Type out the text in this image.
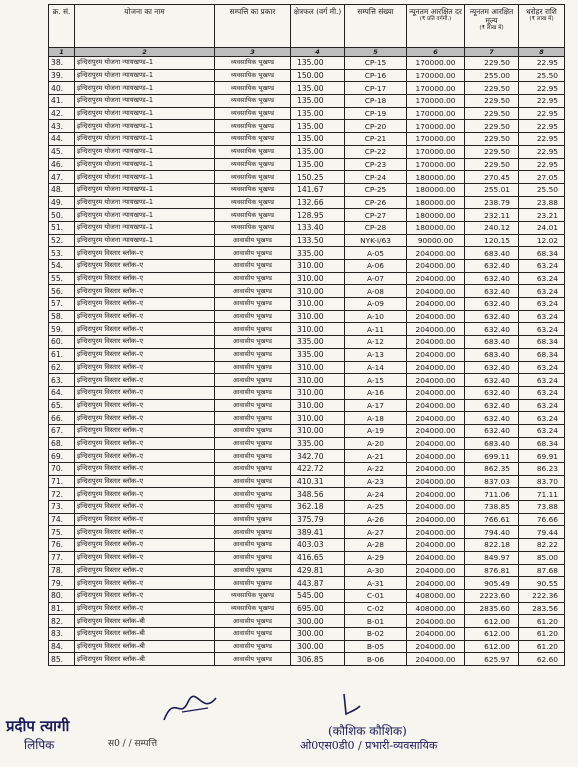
क्र. सं.	योजना का नाम	सम्पत्ति का प्रकार	क्षेत्रफल (वर्ग मी.)	सम्पत्ति संख्या	न्यूनतम आरक्षित दर
(₹ प्रति वर्गमी.)	न्यूनतम आरक्षित मूल्य
(₹ लाख में)	धरोहर राशि
(₹ लाख में)

1	2	3	4	5	6	7	8
38.	इन्दिरापुरम योजना न्यायखण्ड–1	व्यवसायिक भूखण्ड	135.00	CP-15	170000.00	229.50	22.95
39.	इन्दिरापुरम योजना न्यायखण्ड–1	व्यवसायिक भूखण्ड	150.00	CP-16	170000.00	255.00	25.50
40.	इन्दिरापुरम योजना न्यायखण्ड–1	व्यवसायिक भूखण्ड	135.00	CP-17	170000.00	229.50	22.95
41.	इन्दिरापुरम योजना न्यायखण्ड–1	व्यवसायिक भूखण्ड	135.00	CP-18	170000.00	229.50	22.95
42.	इन्दिरापुरम योजना न्यायखण्ड–1	व्यवसायिक भूखण्ड	135.00	CP-19	170000.00	229.50	22.95
43.	इन्दिरापुरम योजना न्यायखण्ड–1	व्यवसायिक भूखण्ड	135.00	CP-20	170000.00	229.50	22.95
44.	इन्दिरापुरम योजना न्यायखण्ड–1	व्यवसायिक भूखण्ड	135.00	CP-21	170000.00	229.50	22.95
45.	इन्दिरापुरम योजना न्यायखण्ड–1	व्यवसायिक भूखण्ड	135.00	CP-22	170000.00	229.50	22.95
46.	इन्दिरापुरम योजना न्यायखण्ड–1	व्यवसायिक भूखण्ड	135.00	CP-23	170000.00	229.50	22.95
47.	इन्दिरापुरम योजना न्यायखण्ड–1	व्यवसायिक भूखण्ड	150.25	CP-24	180000.00	270.45	27.05
48.	इन्दिरापुरम योजना न्यायखण्ड–1	व्यवसायिक भूखण्ड	141.67	CP-25	180000.00	255.01	25.50
49.	इन्दिरापुरम योजना न्यायखण्ड–1	व्यवसायिक भूखण्ड	132.66	CP-26	180000.00	238.79	23.88
50.	इन्दिरापुरम योजना न्यायखण्ड–1	व्यवसायिक भूखण्ड	128.95	CP-27	180000.00	232.11	23.21
51.	इन्दिरापुरम योजना न्यायखण्ड–1	व्यवसायिक भूखण्ड	133.40	CP-28	180000.00	240.12	24.01
52.	इन्दिरापुरम योजना न्यायखण्ड–1	आवासीय भूखण्ड	133.50	NYK-I/63	90000.00	120.15	12.02
53.	इन्दिरापुरम विस्तार ब्लॉक–ए	आवासीय भूखण्ड	335.00	A-05	204000.00	683.40	68.34
54.	इन्दिरापुरम विस्तार ब्लॉक–ए	आवासीय भूखण्ड	310.00	A-06	204000.00	632.40	63.24
55.	इन्दिरापुरम विस्तार ब्लॉक–ए	आवासीय भूखण्ड	310.00	A-07	204000.00	632.40	63.24
56.	इन्दिरापुरम विस्तार ब्लॉक–ए	आवासीय भूखण्ड	310.00	A-08	204000.00	632.40	63.24
57.	इन्दिरापुरम विस्तार ब्लॉक–ए	आवासीय भूखण्ड	310.00	A-09	204000.00	632.40	63.24
58.	इन्दिरापुरम विस्तार ब्लॉक–ए	आवासीय भूखण्ड	310.00	A-10	204000.00	632.40	63.24
59.	इन्दिरापुरम विस्तार ब्लॉक–ए	आवासीय भूखण्ड	310.00	A-11	204000.00	632.40	63.24
60.	इन्दिरापुरम विस्तार ब्लॉक–ए	आवासीय भूखण्ड	335.00	A-12	204000.00	683.40	68.34
61.	इन्दिरापुरम विस्तार ब्लॉक–ए	आवासीय भूखण्ड	335.00	A-13	204000.00	683.40	68.34
62.	इन्दिरापुरम विस्तार ब्लॉक–ए	आवासीय भूखण्ड	310.00	A-14	204000.00	632.40	63.24
63.	इन्दिरापुरम विस्तार ब्लॉक–ए	आवासीय भूखण्ड	310.00	A-15	204000.00	632.40	63.24
64.	इन्दिरापुरम विस्तार ब्लॉक–ए	आवासीय भूखण्ड	310.00	A-16	204000.00	632.40	63.24
65.	इन्दिरापुरम विस्तार ब्लॉक–ए	आवासीय भूखण्ड	310.00	A-17	204000.00	632.40	63.24
66.	इन्दिरापुरम विस्तार ब्लॉक–ए	आवासीय भूखण्ड	310.00	A-18	204000.00	632.40	63.24
67.	इन्दिरापुरम विस्तार ब्लॉक–ए	आवासीय भूखण्ड	310.00	A-19	204000.00	632.40	63.24
68.	इन्दिरापुरम विस्तार ब्लॉक–ए	आवासीय भूखण्ड	335.00	A-20	204000.00	683.40	68.34
69.	इन्दिरापुरम विस्तार ब्लॉक–ए	आवासीय भूखण्ड	342.70	A-21	204000.00	699.11	69.91
70.	इन्दिरापुरम विस्तार ब्लॉक–ए	आवासीय भूखण्ड	422.72	A-22	204000.00	862.35	86.23
71.	इन्दिरापुरम विस्तार ब्लॉक–ए	आवासीय भूखण्ड	410.31	A-23	204000.00	837.03	83.70
72.	इन्दिरापुरम विस्तार ब्लॉक–ए	आवासीय भूखण्ड	348.56	A-24	204000.00	711.06	71.11
73.	इन्दिरापुरम विस्तार ब्लॉक–ए	आवासीय भूखण्ड	362.18	A-25	204000.00	738.85	73.88
74.	इन्दिरापुरम विस्तार ब्लॉक–ए	आवासीय भूखण्ड	375.79	A-26	204000.00	766.61	76.66
75.	इन्दिरापुरम विस्तार ब्लॉक–ए	आवासीय भूखण्ड	389.41	A-27	204000.00	794.40	79.44
76.	इन्दिरापुरम विस्तार ब्लॉक–ए	आवासीय भूखण्ड	403.03	A-28	204000.00	822.18	82.22
77.	इन्दिरापुरम विस्तार ब्लॉक–ए	आवासीय भूखण्ड	416.65	A-29	204000.00	849.97	85.00
78.	इन्दिरापुरम विस्तार ब्लॉक–ए	आवासीय भूखण्ड	429.81	A-30	204000.00	876.81	87.68
79.	इन्दिरापुरम विस्तार ब्लॉक–ए	आवासीय भूखण्ड	443.87	A-31	204000.00	905.49	90.55
80.	इन्दिरापुरम विस्तार ब्लॉक–ए	व्यवसायिक भूखण्ड	545.00	C-01	408000.00	2223.60	222.36
81.	इन्दिरापुरम विस्तार ब्लॉक–ए	व्यवसायिक भूखण्ड	695.00	C-02	408000.00	2835.60	283.56
82.	इन्दिरापुरम विस्तार ब्लॉक–बी	आवासीय भूखण्ड	300.00	B-01	204000.00	612.00	61.20
83.	इन्दिरापुरम विस्तार ब्लॉक–बी	आवासीय भूखण्ड	300.00	B-02	204000.00	612.00	61.20
84.	इन्दिरापुरम विस्तार ब्लॉक–बी	आवासीय भूखण्ड	300.00	B-05	204000.00	612.00	61.20
85.	इन्दिरापुरम विस्तार ब्लॉक–बी	आवासीय भूखण्ड	306.85	B-06	204000.00	625.97	62.60
प्रदीप त्यागी
लिपिक	स0 / / सम्पत्ति
(कौशिक कौशिक)
ओ0एस0डी0 / प्रभारी-व्यवसायिक
